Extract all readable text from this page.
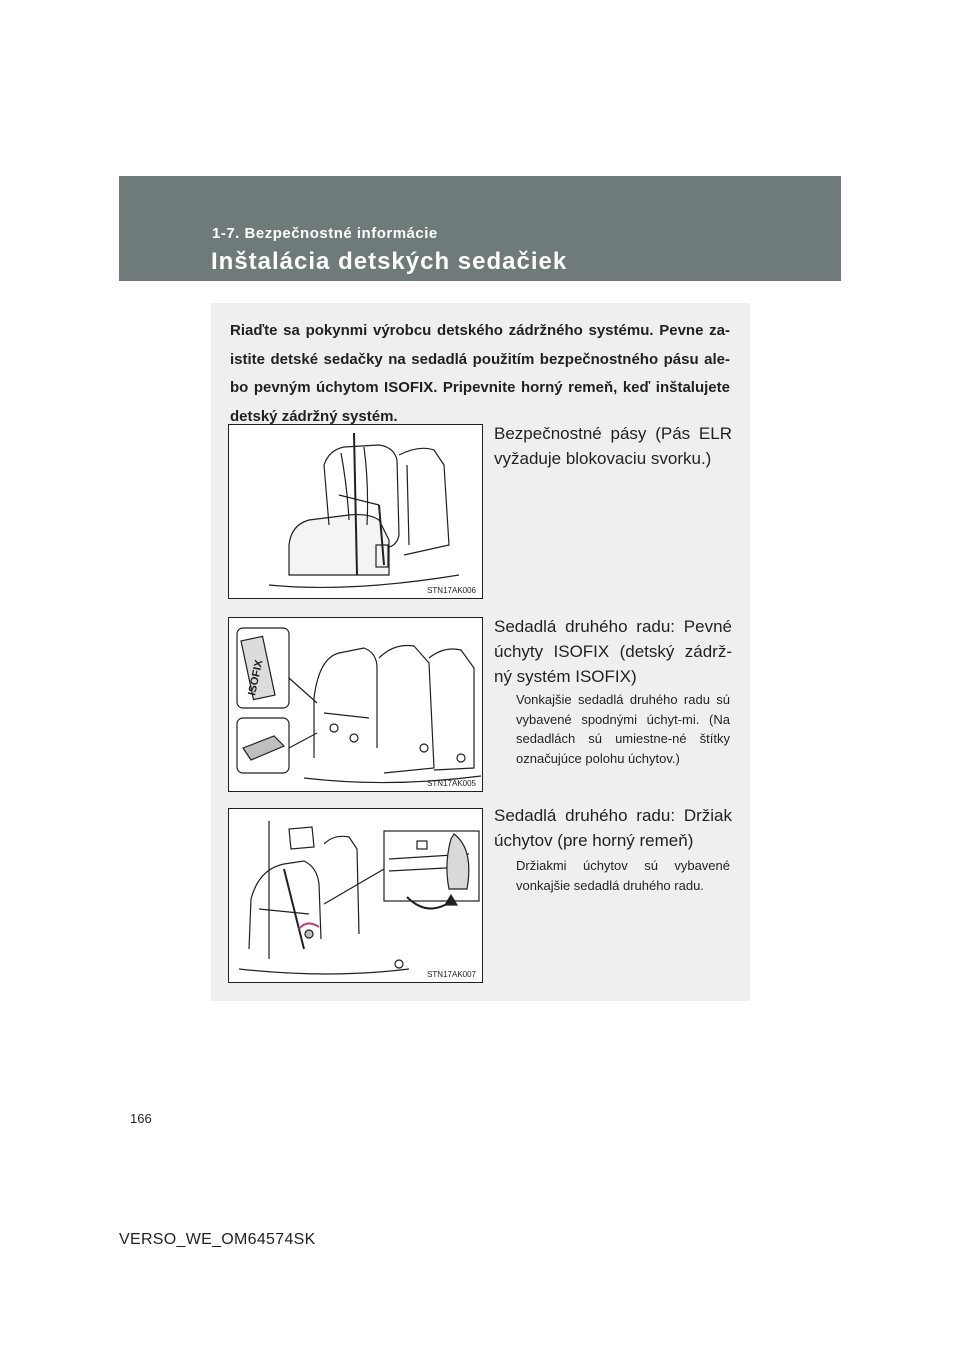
1-7. Bezpečnostné informácie
Inštalácia detských sedačiek

Riaďte sa pokynmi výrobcu detského zádržného systému. Pevne za-istite detské sedačky na sedadlá použitím bezpečnostného pásu ale-bo pevným úchytom ISOFIX. Pripevnite horný remeň, keď inštalujete detský zádržný systém.

STN17AK006

Bezpečnostné pásy (Pás ELR vyžaduje blokovaciu svorku.)

ISOFIX
STN17AK005

Sedadlá druhého radu: Pevné úchyty ISOFIX (detský zádrž-ný systém ISOFIX)

Vonkajšie sedadlá druhého radu sú vybavené spodnými úchyt-mi. (Na sedadlách sú umiestne-né štítky označujúce polohu úchytov.)

STN17AK007

Sedadlá druhého radu: Držiak úchytov (pre horný remeň)

Držiakmi úchytov sú vybavené vonkajšie sedadlá druhého radu.

166
VERSO_WE_OM64574SK
